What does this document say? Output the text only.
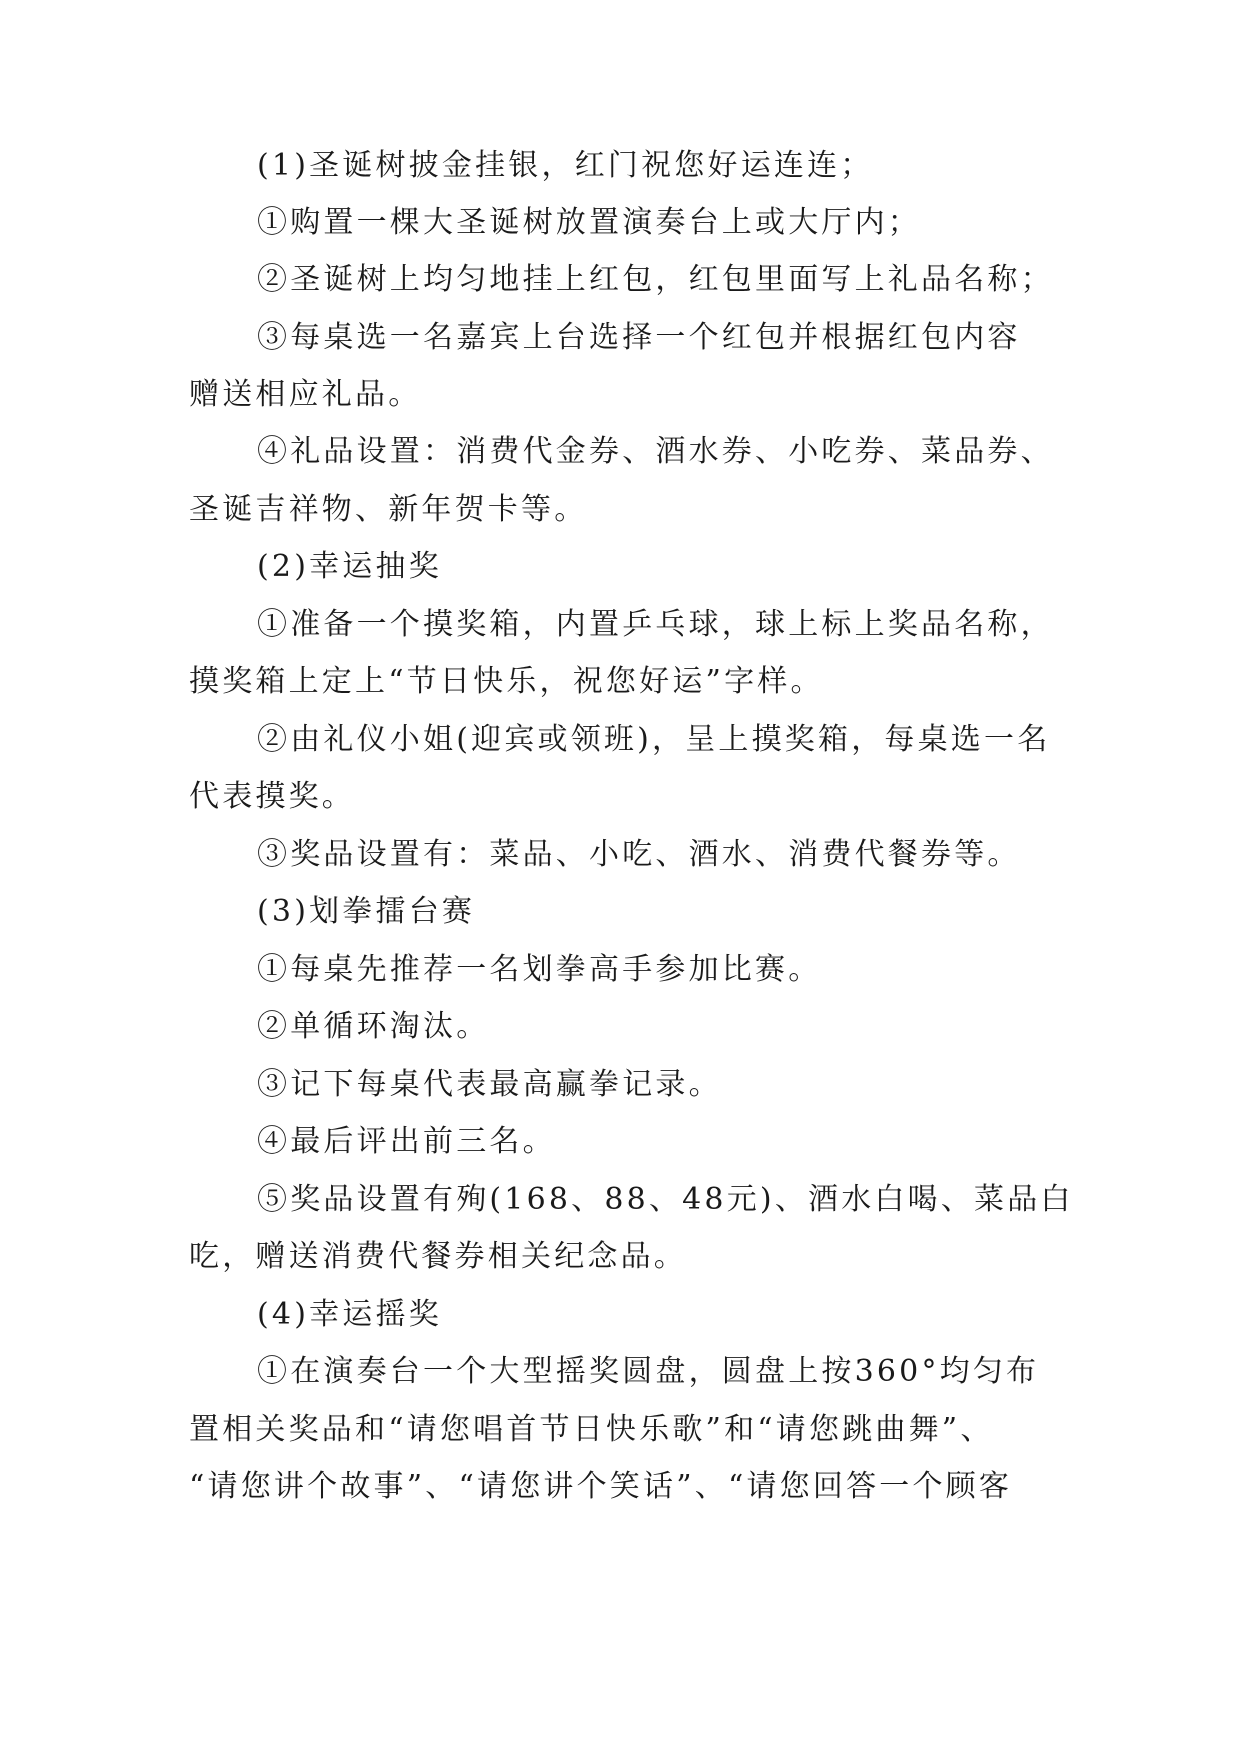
(1)圣诞树披金挂银，红门祝您好运连连；
①购置一棵大圣诞树放置演奏台上或大厅内；
②圣诞树上均匀地挂上红包，红包里面写上礼品名称；
③每桌选一名嘉宾上台选择一个红包并根据红包内容
赠送相应礼品。
④礼品设置：消费代金券、酒水券、小吃券、菜品券、
圣诞吉祥物、新年贺卡等。
(2)幸运抽奖
①准备一个摸奖箱，内置乒乓球，球上标上奖品名称，
摸奖箱上定上“节日快乐，祝您好运”字样。
②由礼仪小姐(迎宾或领班)，呈上摸奖箱，每桌选一名
代表摸奖。
③奖品设置有：菜品、小吃、酒水、消费代餐券等。
(3)划拳擂台赛
①每桌先推荐一名划拳高手参加比赛。
②单循环淘汰。
③记下每桌代表最高赢拳记录。
④最后评出前三名。
⑤奖品设置有殉(168、88、48元)、酒水白喝、菜品白
吃，赠送消费代餐券相关纪念品。
(4)幸运摇奖
①在演奏台一个大型摇奖圆盘，圆盘上按360°均匀布
置相关奖品和“请您唱首节日快乐歌”和“请您跳曲舞”、
“请您讲个故事”、“请您讲个笑话”、“请您回答一个顾客
